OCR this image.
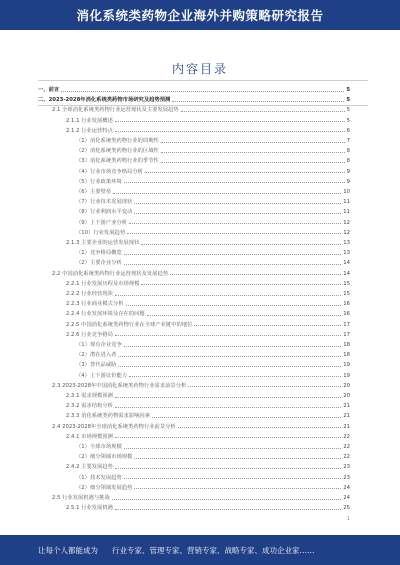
消化系统类药物企业海外并购策略研究报告
内容目录
一、前言	5
二、2023-2028年消化系统类药物市场研究及趋势预测	5
2.1 全球消化系统类药物行业运营现状及主要发展趋势	5
2.1.1 行业发展概述	5
2.1.2 行业运营特点	6
（1）消化系统类药物行业的周期性	7
（2）消化系统类药物行业的区域性	8
（3）消化系统类药物行业的季节性	8
（4）行业市场竞争格局分析	9
（5）行业政策环境	9
（6）主要壁垒	10
（7）行业技术发展现状	11
（8）行业利润水平变动	11
（9）上下游产业分析	12
（10）行业发展趋势	12
2.1.3 主要企业的运营发展现状	13
（1）竞争格局概览	13
（2）主要企业分析	14
2.2 中国消化系统类药物行业运营现状及发展趋势	14
2.2.1 行业发展历程及市场规模	15
2.2.2 行业经营现状	15
2.2.3 行业商业模式分析	16
2.2.4 行业发展环境及存在的问题	16
2.2.5 中国消化系统类药物行业在全球产业链中的地位	17
2.2.6 行业竞争格局	17
（1）现有企业竞争	18
（2）潜在进入者	18
（3）替代品威胁	19
（4）上下游议价能力	19
2.3 2023-2028年中国消化系统类药物行业需求前景分析	20
2.3.1 需求规模预测	20
2.3.2 需求结构分析	21
2.3.3 消化系统类药物需求影响因素	21
2.4 2023-2028年全球消化系统类药物行业前景分析	21
2.4.1 市场规模预测	22
（1）全球市场规模	22
（2）细分领域市场规模	22
2.4.2 主要发展趋势	23
（1）技术发展趋势	23
（2）细分领域发展趋势	24
2.5 行业发展机遇与挑战	24
2.5.1 行业发展机遇	25
1
让每个人都能成为 行业专家、管理专家、营销专家、战略专家、成功企业家……
